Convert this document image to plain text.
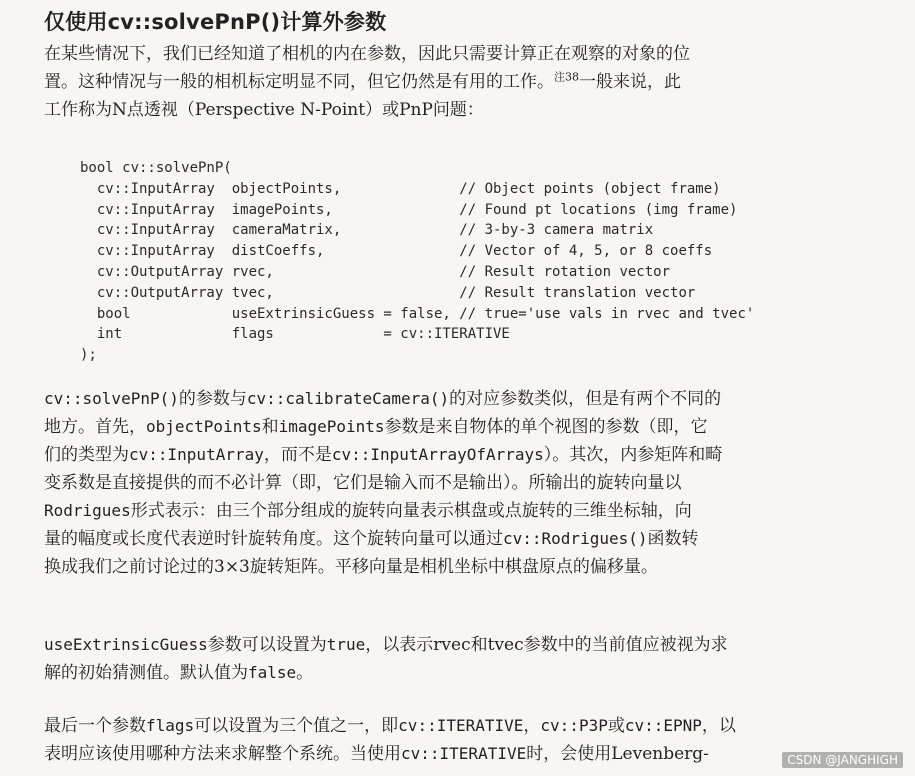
仅使用cv::solvePnP()计算外参数
在某些情况下，我们已经知道了相机的内在参数，因此只需要计算正在观察的对象的位
置。这种情况与一般的相机标定明显不同，但它仍然是有用的工作。$^{注38}$一般来说，此
工作称为N点透视（Perspective N-Point）或PnP问题：
bool cv::solvePnP(
cv::InputArray  objectPoints,              // Object points (object frame)
cv::InputArray  imagePoints,               // Found pt locations (img frame)
cv::InputArray  cameraMatrix,              // 3-by-3 camera matrix
cv::InputArray  distCoeffs,                // Vector of 4, 5, or 8 coeffs
cv::OutputArray rvec,                      // Result rotation vector
cv::OutputArray tvec,                      // Result translation vector
bool            useExtrinsicGuess = false, // true='use vals in rvec and tvec'
int             flags             = cv::ITERATIVE
);
cv::solvePnP()的参数与cv::calibrateCamera()的对应参数类似，但是有两个不同的
地方。首先，objectPoints和imagePoints参数是来自物体的单个视图的参数（即，它
们的类型为cv::InputArray，而不是cv::InputArrayOfArrays）。其次，内参矩阵和畸
变系数是直接提供的而不必计算（即，它们是输入而不是输出）。所输出的旋转向量以
Rodrigues形式表示：由三个部分组成的旋转向量表示棋盘或点旋转的三维坐标轴，向
量的幅度或长度代表逆时针旋转角度。这个旋转向量可以通过cv::Rodrigues()函数转
换成我们之前讨论过的3×3旋转矩阵。平移向量是相机坐标中棋盘原点的偏移量。
useExtrinsicGuess参数可以设置为true，以表示rvec和tvec参数中的当前值应被视为求
解的初始猜测值。默认值为false。
最后一个参数flags可以设置为三个值之一，即cv::ITERATIVE，cv::P3P或cv::EPNP，以
表明应该使用哪种方法来求解整个系统。当使用cv::ITERATIVE时，会使用Levenberg-	CSDN @JANGHIGH
